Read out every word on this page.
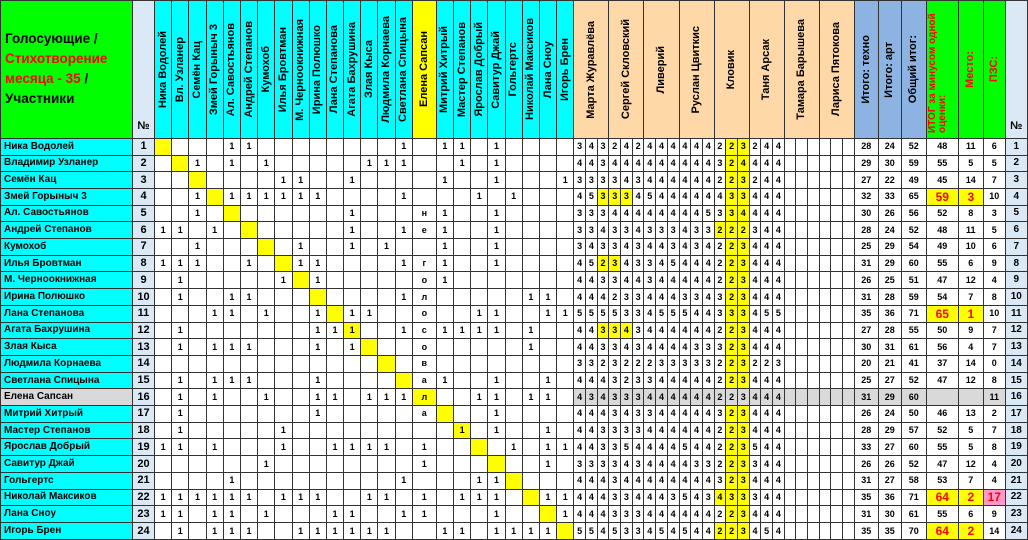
Голосующие /
Стихотворение
месяца - 35 /
Участники	№	Ника Водолей	Вл. Узланер	Семён Кац	Змей Горыныч 3	Ал. Савостьянов	Андрей Степанов	Кумохоб	Илья Бровтман	М. Черноокнижная	Ирина Полюшко	Лана Степанова	Агата Бахрушина	Злая Кыса	Людмила Корнаева	Светлана Спицына	Елена Сапсан	Митрий Хитрый	Мастер Степанов	Ярослав Добрый	Савитур Джай	Гольгертс	Николай Максиков	Лана Сноу	Игорь Брен	Марта Журавлёва			Сергей Скловский			Ливерий			Руслан Цвиткис			Кловик			Таня Арсак			Тамара Барышева			Лариса Пятокова			Итого: техно	Итого: арт	Общий итог:	ИТОГ за минусом одной оценки:	Место:	ПЗС:	№
Ника Водолей	1					1	1									1		1	1		1					3	4	3	2	4	2	4	4	4	4	4	4	2	2	3	2	4	4							28	24	52	48	11	6	1
Владимир Узланер	2			1		1		1						1	1	1			1		1					4	4	3	4	4	4	4	4	4	4	4	4	3	2	4	4	4	4							29	30	59	55	5	5	2
Семён Кац	3								1	1			1					1			1				1	3	3	3	3	4	3	4	4	4	4	4	4	2	2	3	2	4	4							27	22	49	45	14	7	3
Змей Горыныч 3	4			1		1	1	1	1	1	1					1				1		1				4	5	3	3	3	4	5	4	4	4	4	4	4	3	3	4	4	4							32	33	65	59	3	10	4
Ал. Савостьянов	5			1									1				н	1			1					3	3	3	4	4	4	4	4	4	4	4	5	3	3	4	4	4	4							30	26	56	52	8	3	5
Андрей Степанов	6	1	1		1								1			1	е	1			1					3	3	4	3	3	4	3	3	3	4	3	3	2	2	2	3	4	4							28	24	52	48	11	5	6
Кумохоб	7			1						1			1		1			1			1					3	4	3	3	4	3	4	4	3	4	3	4	2	2	3	4	4	4							25	29	54	49	10	6	7
Илья Бровтман	8	1	1	1			1			1	1					1	г	1			1					4	5	2	3	4	3	3	4	5	4	4	4	2	2	3	4	4	4							31	29	60	55	6	9	8
М. Черноокнижная	9		1						1		1						о	1								4	4	3	3	4	4	3	4	4	4	4	4	2	2	3	4	4	4							26	25	51	47	12	4	9
Ирина Полюшко	10		1			1	1									1	л						1	1		4	4	4	2	3	3	4	4	4	3	3	4	3	2	3	4	4	4							31	28	59	54	7	8	10
Лана Степанова	11				1	1		1			1		1	1			о			1	1			1	1	5	5	5	5	3	3	4	5	5	5	4	4	3	3	3	4	5	5							35	36	71	65	1	10	11
Агата Бахрушина	12		1								1	1	1			1	с	1	1	1	1		1			4	4	3	3	4	3	4	4	4	4	4	4	2	2	3	4	4	4							27	28	55	50	9	7	12
Злая Кыса	13		1		1	1	1				1		1				о						1			4	4	3	3	4	3	4	4	4	4	3	3	3	2	3	4	4	4							30	31	61	56	4	7	13
Людмила Корнаева	14																в									3	3	2	3	2	2	2	3	3	3	3	3	2	2	3	2	2	3							20	21	41	37	14	0	14
Светлана Спицына	15		1		1	1	1				1						а	1			1			1		4	4	4	3	2	3	3	4	4	4	4	4	2	2	3	4	4	4							25	27	52	47	12	8	15
Елена Сапсан	16		1		1			1			1	1		1	1	1	л			1	1		1	1		4	3	4	3	3	3	4	4	4	4	4	4	2	2	3	4	4	4							31	29	60			11	16
Митрий Хитрый	17		1								1						а				1					4	4	4	3	4	3	3	4	4	4	4	4	3	2	3	4	4	4							26	24	50	46	13	2	17
Мастер Степанов	18		1						1										1		1			1		4	4	3	3	3	3	4	4	4	4	4	4	2	2	3	4	4	4							28	29	57	52	5	7	18
Ярослав Добрый	19	1	1		1				1			1	1	1	1		1					1		1	1	4	4	3	3	5	4	4	4	4	5	4	4	2	2	3	5	4	4							33	27	60	55	5	8	19
Савитур Джай	20							1									1							1		3	3	3	3	4	3	4	4	4	4	3	3	2	2	3	3	4	4							26	26	52	47	12	4	20
Гольгертс	21					1										1				1	1					4	4	4	3	4	4	4	4	4	4	4	4	3	2	3	4	4	4							31	27	58	53	7	4	21
Николай Максиков	22	1	1	1	1	1	1		1	1	1			1	1		1		1	1	1			1	1	4	4	4	3	3	4	4	4	3	5	4	3	4	3	3	3	4	4							35	36	71	64	2	17	22
Лана Сноу	23	1	1		1	1		1				1	1			1	1				1				1	4	4	4	3	3	3	4	4	4	4	4	4	2	2	3	4	4	4							31	30	61	55	6	9	23
Игорь Брен	24		1		1	1	1			1	1	1	1	1	1			1	1		1	1	1	1		5	5	4	5	3	3	4	5	4	5	4	4	2	2	3	4	5	4							35	35	70	64	2	14	24
